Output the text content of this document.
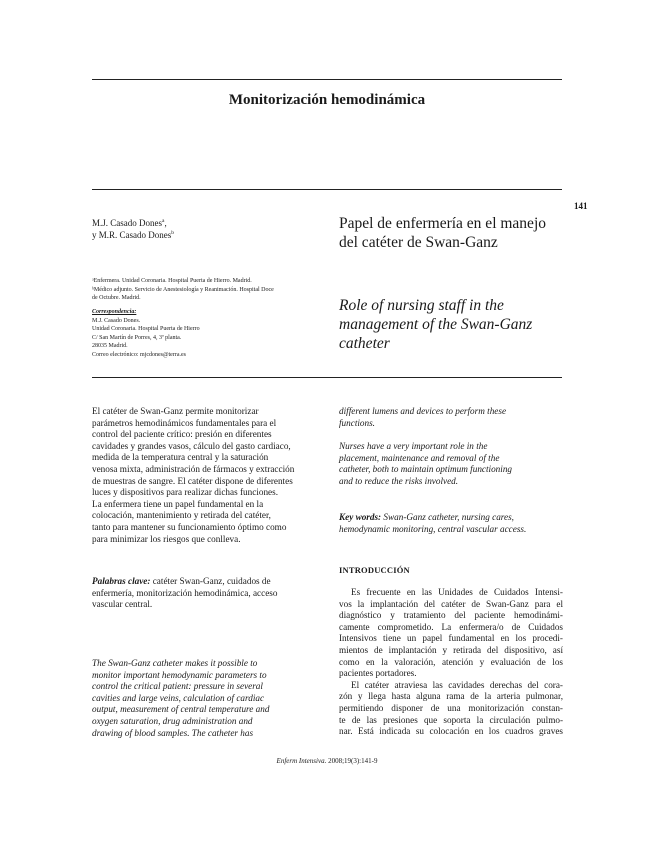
Monitorización hemodinámica
141
M.J. Casado Dones$^a$,
y M.R. Casado Dones$^b$
ᵃEnfermera. Unidad Coronaria. Hospital Puerta de Hierro. Madrid.
ᵇMédico adjunto. Servicio de Anestesiología y Reanimación. Hospital Doce
de Octubre. Madrid.
Correspondencia:
M.J. Casado Dones.
Unidad Coronaria. Hospital Puerta de Hierro
C/ San Martín de Porres, 4, 3ª planta.
28035 Madrid.
Correo electrónico: mjcdones@terra.es
Papel de enfermería en el manejo del catéter de Swan-Ganz
Role of nursing staff in the management of the Swan-Ganz catheter
El catéter de Swan-Ganz permite monitorizar
parámetros hemodinámicos fundamentales para el
control del paciente crítico: presión en diferentes
cavidades y grandes vasos, cálculo del gasto cardiaco,
medida de la temperatura central y la saturación
venosa mixta, administración de fármacos y extracción
de muestras de sangre. El catéter dispone de diferentes
luces y dispositivos para realizar dichas funciones.
La enfermera tiene un papel fundamental en la
colocación, mantenimiento y retirada del catéter,
tanto para mantener su funcionamiento óptimo como
para minimizar los riesgos que conlleva.
Palabras clave: catéter Swan-Ganz, cuidados de
enfermería, monitorización hemodinámica, acceso
vascular central.
The Swan-Ganz catheter makes it possible to
monitor important hemodynamic parameters to
control the critical patient: pressure in several
cavities and large veins, calculation of cardiac
output, measurement of central temperature and
oxygen saturation, drug administration and
drawing of blood samples. The catheter has
different lumens and devices to perform these
functions.
Nurses have a very important role in the
placement, maintenance and removal of the
catheter, both to maintain optimum functioning
and to reduce the risks involved.
Key words: Swan-Ganz catheter, nursing cares,
hemodynamic monitoring, central vascular access.
INTRODUCCIÓN
Es frecuente en las Unidades de Cuidados Intensi-
vos la implantación del catéter de Swan-Ganz para el
diagnóstico y tratamiento del paciente hemodinámi-
camente comprometido. La enfermera/o de Cuidados
Intensivos tiene un papel fundamental en los procedi-
mientos de implantación y retirada del dispositivo, así
como en la valoración, atención y evaluación de los
pacientes portadores.
El catéter atraviesa las cavidades derechas del cora-
zón y llega hasta alguna rama de la arteria pulmonar,
permitiendo disponer de una monitorización constan-
te de las presiones que soporta la circulación pulmo-
nar. Está indicada su colocación en los cuadros graves
Enferm Intensiva. 2008;19(3):141-9
